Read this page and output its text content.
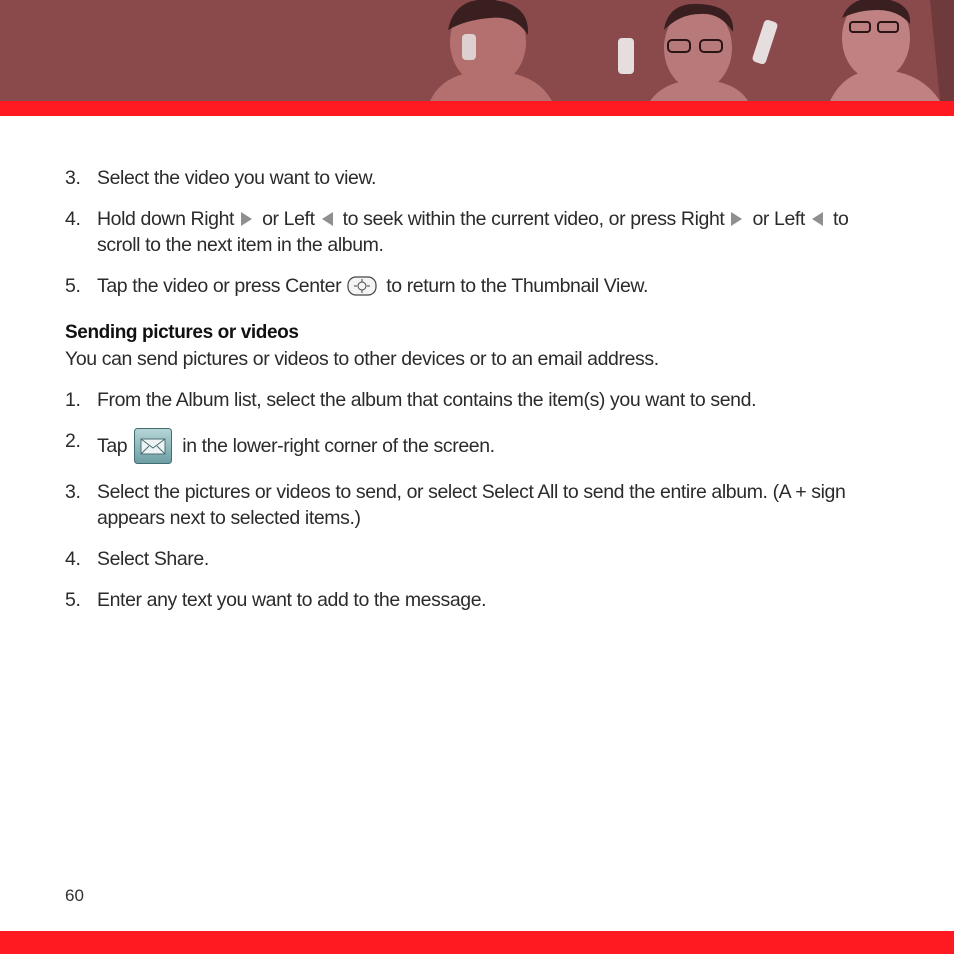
3. Select the video you want to view.
4. Hold down Right or Left to seek within the current video, or press Right or Left to scroll to the next item in the album.
5. Tap the video or press Center to return to the Thumbnail View.
Sending pictures or videos
You can send pictures or videos to other devices or to an email address.
1. From the Album list, select the album that contains the item(s) you want to send.
2. Tap	in the lower-right corner of the screen.
3. Select the pictures or videos to send, or select Select All to send the entire album. (A + sign appears next to selected items.)
4. Select Share.
5. Enter any text you want to add to the message.
60
